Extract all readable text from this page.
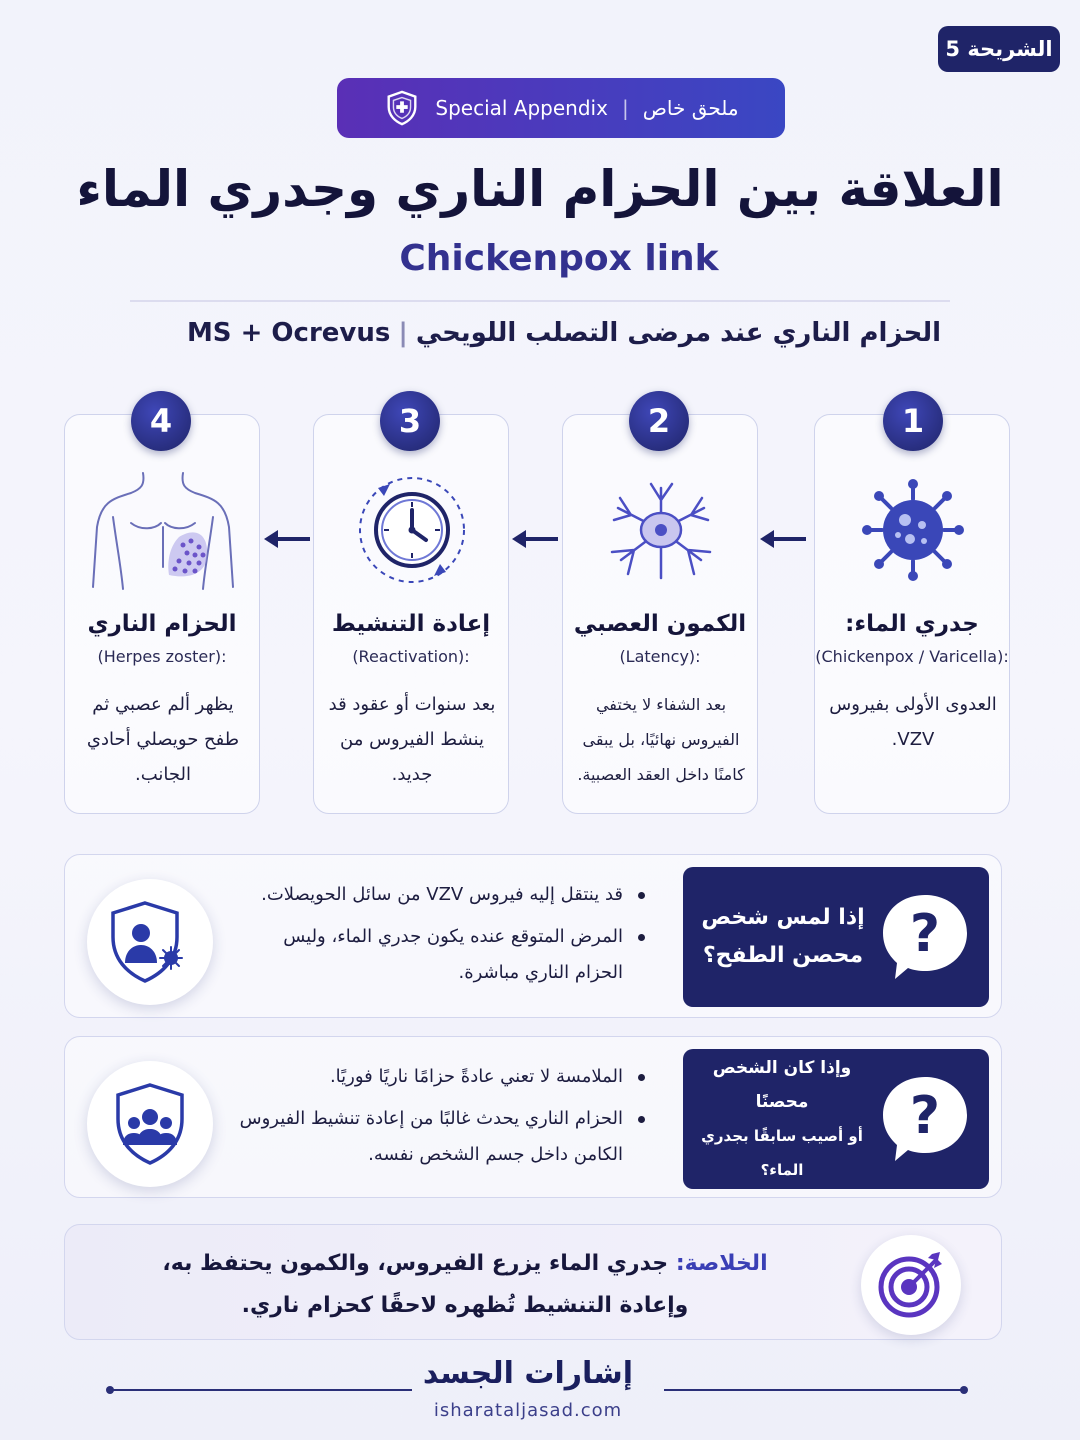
الشريحة 5
ملحق خاص
|
Special Appendix
العلاقة بين الحزام الناري وجدري الماء
Chickenpox link
الحزام الناري عند مرضى التصلب اللويحي|MS + Ocrevus
1
جدري الماء:
(Chickenpox / Varicella):
العدوى الأولى بفيروس VZV.
2
الكمون العصبي
(Latency):
بعد الشفاء لا يختفي الفيروس نهائيًا، بل يبقى كامنًا داخل العقد العصبية.
3
إعادة التنشيط
(Reactivation):
بعد سنوات أو عقود قد ينشط الفيروس من جديد.
4
الحزام الناري
(Herpes zoster):
يظهر ألم عصبي ثم طفح حويصلي أحادي الجانب.
?
إذا لمس شخص
محصن الطفح؟
قد ينتقل إليه فيروس VZV من سائل الحويصلات.
المرض المتوقع عنده يكون جدري الماء، وليس الحزام الناري مباشرة.
?
وإذا كان الشخص محصنًا
أو أصيب سابقًا بجدري الماء؟
الملامسة لا تعني عادةً حزامًا ناريًا فوريًا.
الحزام الناري يحدث غالبًا من إعادة تنشيط الفيروس الكامن داخل جسم الشخص نفسه.
الخلاصة: جدري الماء يزرع الفيروس، والكمون يحتفظ به،
وإعادة التنشيط تُظهره لاحقًا كحزام ناري.
إشارات الجسد
isharataljasad.com
